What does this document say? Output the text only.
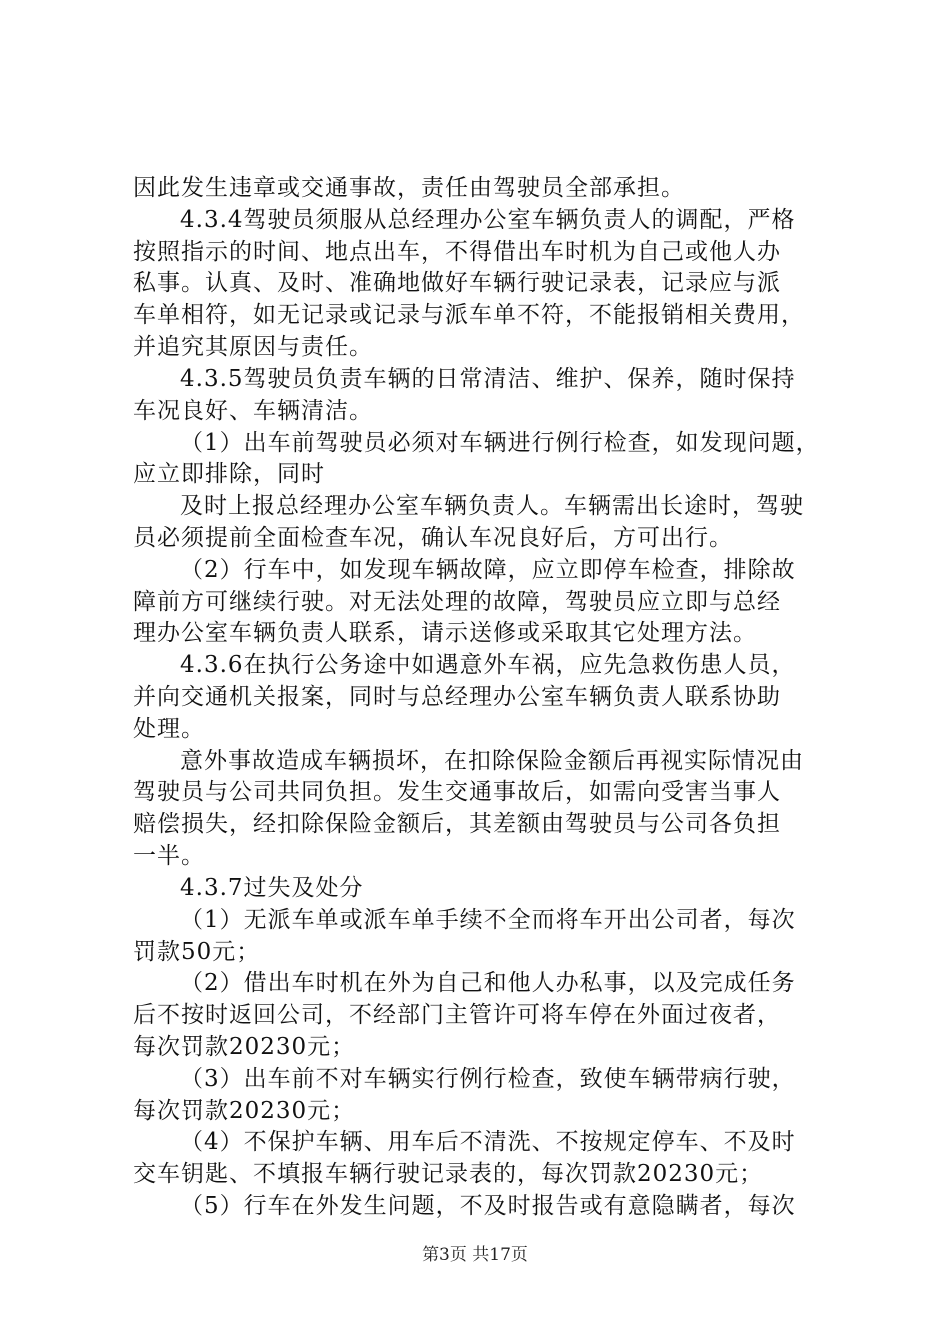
因此发生违章或交通事故，责任由驾驶员全部承担。
4.3.4驾驶员须服从总经理办公室车辆负责人的调配，严格
按照指示的时间、地点出车，不得借出车时机为自己或他人办
私事。认真、及时、准确地做好车辆行驶记录表，记录应与派
车单相符，如无记录或记录与派车单不符，不能报销相关费用，
并追究其原因与责任。
4.3.5驾驶员负责车辆的日常清洁、维护、保养，随时保持
车况良好、车辆清洁。
（1）出车前驾驶员必须对车辆进行例行检查，如发现问题，
应立即排除，同时
及时上报总经理办公室车辆负责人。车辆需出长途时，驾驶
员必须提前全面检查车况，确认车况良好后，方可出行。
（2）行车中，如发现车辆故障，应立即停车检查，排除故
障前方可继续行驶。对无法处理的故障，驾驶员应立即与总经
理办公室车辆负责人联系，请示送修或采取其它处理方法。
4.3.6在执行公务途中如遇意外车祸，应先急救伤患人员，
并向交通机关报案，同时与总经理办公室车辆负责人联系协助
处理。
意外事故造成车辆损坏，在扣除保险金额后再视实际情况由
驾驶员与公司共同负担。发生交通事故后，如需向受害当事人
赔偿损失，经扣除保险金额后，其差额由驾驶员与公司各负担
一半。
4.3.7过失及处分
（1）无派车单或派车单手续不全而将车开出公司者，每次
罚款50元；
（2）借出车时机在外为自己和他人办私事，以及完成任务
后不按时返回公司，不经部门主管许可将车停在外面过夜者，
每次罚款20230元；
（3）出车前不对车辆实行例行检查，致使车辆带病行驶，
每次罚款20230元；
（4）不保护车辆、用车后不清洗、不按规定停车、不及时
交车钥匙、不填报车辆行驶记录表的，每次罚款20230元；
（5）行车在外发生问题，不及时报告或有意隐瞒者，每次
第3页 共17页
